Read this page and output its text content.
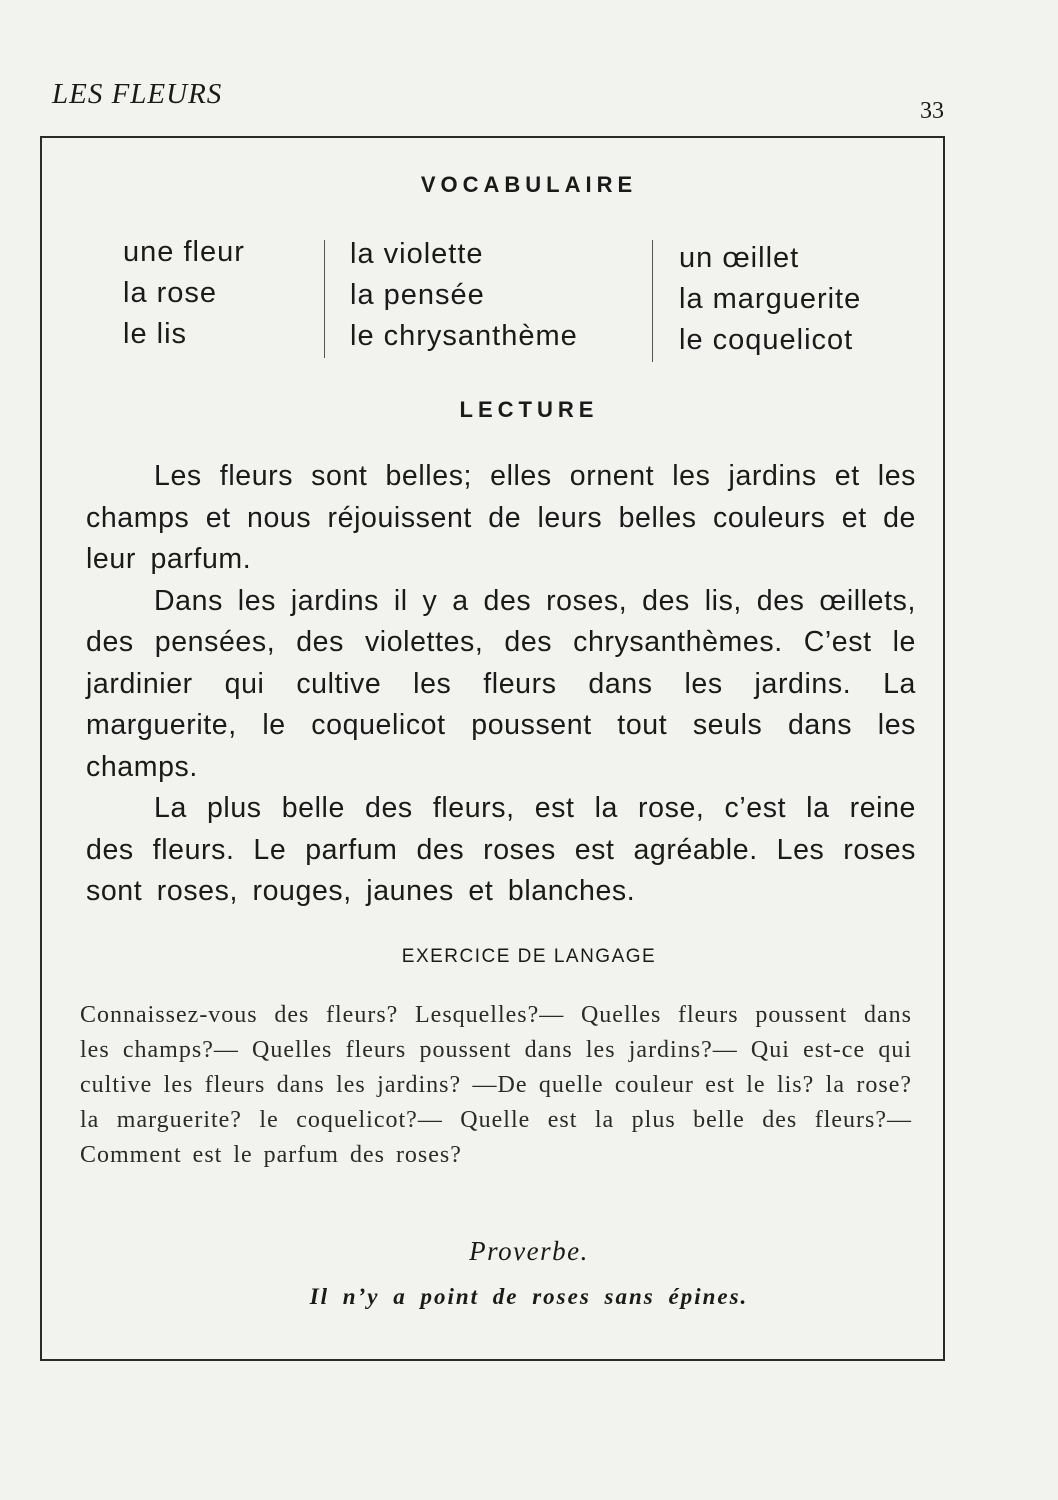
LES FLEURS
33
VOCABULAIRE
une fleur
la rose
le lis
la violette
la pensée
le chrysanthème
un œillet
la marguerite
le coquelicot
LECTURE

Les fleurs sont belles; elles ornent les jardins et les champs et nous réjouissent de leurs belles couleurs et de leur parfum.

Dans les jardins il y a des roses, des lis, des œillets, des pensées, des violettes, des chrysanthèmes. C’est le jardinier qui cultive les fleurs dans les jardins. La marguerite, le coquelicot poussent tout seuls dans les champs.

La plus belle des fleurs, est la rose, c’est la reine des fleurs. Le parfum des roses est agréable. Les roses sont roses, rouges, jaunes et blanches.

EXERCICE DE LANGAGE
Connaissez-vous des fleurs? Lesquelles?— Quelles fleurs poussent dans les champs?— Quelles fleurs poussent dans les jardins?— Qui est-ce qui cultive les fleurs dans les jardins? —De quelle couleur est le lis? la rose? la marguerite? le coquelicot?— Quelle est la plus belle des fleurs?—Comment est le parfum des roses?
Proverbe.
Il n’y a point de roses sans épines.
